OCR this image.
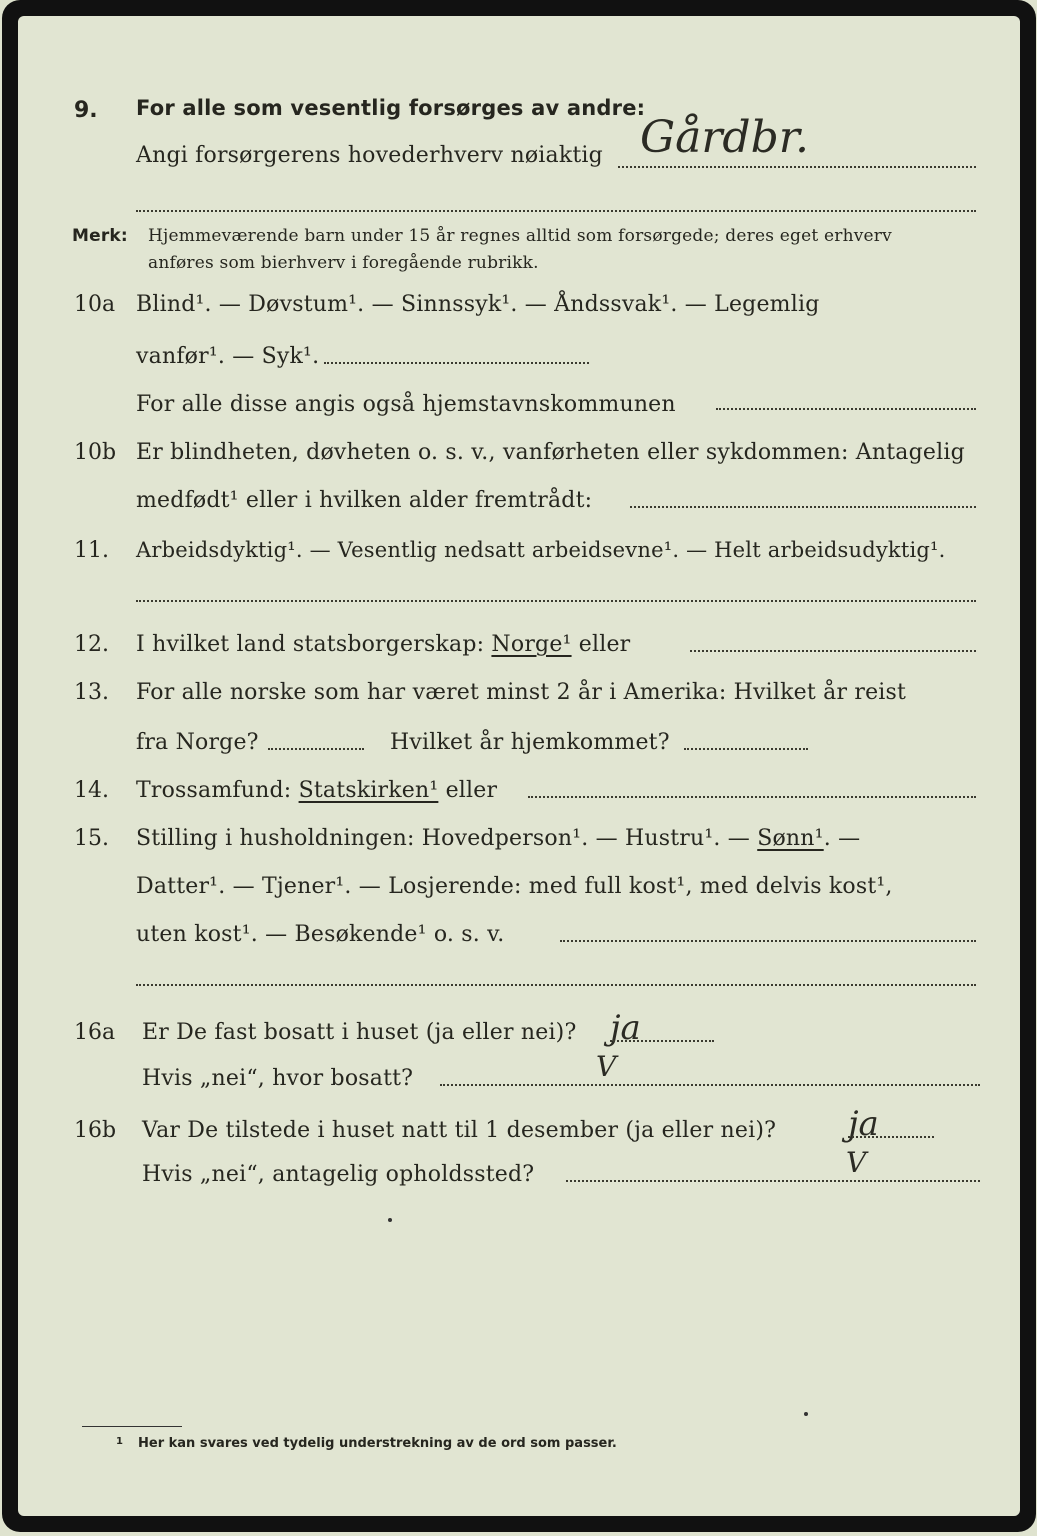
9. For alle som vesentlig forsørges av andre:
Angi forsørgerens hovederhverv nøiaktig Gårdbr.
Merk: Hjemmeværende barn under 15 år regnes alltid som forsørgede; deres eget erhverv
anføres som bierhverv i foregående rubrikk.
10a Blind¹. — Døvstum¹. — Sinnssyk¹. — Åndssvak¹. — Legemlig
vanfør¹. — Syk¹.
For alle disse angis også hjemstavnskommunen
10b Er blindheten, døvheten o. s. v., vanførheten eller sykdommen: Antagelig
medfødt¹ eller i hvilken alder fremtrådt:
11. Arbeidsdyktig¹. — Vesentlig nedsatt arbeidsevne¹. — Helt arbeidsudyktig¹.
12. I hvilket land statsborgerskap: Norge¹ eller
13. For alle norske som har været minst 2 år i Amerika: Hvilket år reist
fra Norge?	Hvilket år hjemkommet?
14. Trossamfund: Statskirken¹ eller
15. Stilling i husholdningen: Hovedperson¹. — Hustru¹. — Sønn¹. —
Datter¹. — Tjener¹. — Losjerende: med full kost¹, med delvis kost¹,
uten kost¹. — Besøkende¹ o. s. v.
16a Er De fast bosatt i huset (ja eller nei)? ja
Hvis „nei“, hvor bosatt?	V
16b Var De tilstede i huset natt til 1 desember (ja eller nei)? ja
Hvis „nei“, antagelig opholdssted?	V
1 Her kan svares ved tydelig understrekning av de ord som passer.
